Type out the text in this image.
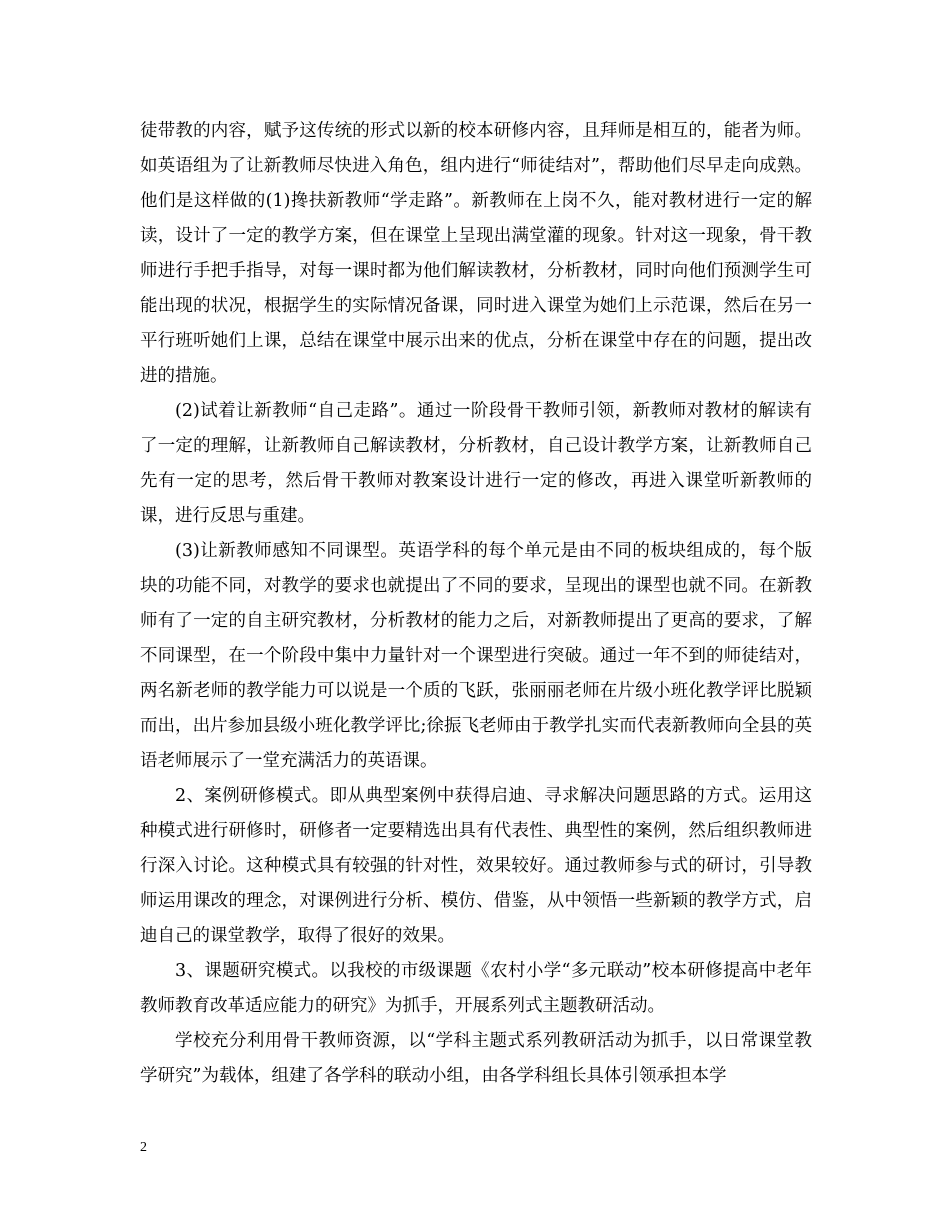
徒带教的内容，赋予这传统的形式以新的校本研修内容，且拜师是相互的，能者为师。如英语组为了让新教师尽快进入角色，组内进行“师徒结对”，帮助他们尽早走向成熟。他们是这样做的(1)搀扶新教师“学走路”。新教师在上岗不久，能对教材进行一定的解读，设计了一定的教学方案，但在课堂上呈现出满堂灌的现象。针对这一现象，骨干教师进行手把手指导，对每一课时都为他们解读教材，分析教材，同时向他们预测学生可能出现的状况，根据学生的实际情况备课，同时进入课堂为她们上示范课，然后在另一平行班听她们上课，总结在课堂中展示出来的优点，分析在课堂中存在的问题，提出改进的措施。

(2)试着让新教师“自己走路”。通过一阶段骨干教师引领，新教师对教材的解读有了一定的理解，让新教师自己解读教材，分析教材，自己设计教学方案，让新教师自己先有一定的思考，然后骨干教师对教案设计进行一定的修改，再进入课堂听新教师的课，进行反思与重建。

(3)让新教师感知不同课型。英语学科的每个单元是由不同的板块组成的，每个版块的功能不同，对教学的要求也就提出了不同的要求，呈现出的课型也就不同。在新教师有了一定的自主研究教材，分析教材的能力之后，对新教师提出了更高的要求，了解不同课型，在一个阶段中集中力量针对一个课型进行突破。通过一年不到的师徒结对，两名新老师的教学能力可以说是一个质的飞跃，张丽丽老师在片级小班化教学评比脱颖而出，出片参加县级小班化教学评比;徐振飞老师由于教学扎实而代表新教师向全县的英语老师展示了一堂充满活力的英语课。

2、案例研修模式。即从典型案例中获得启迪、寻求解决问题思路的方式。运用这种模式进行研修时，研修者一定要精选出具有代表性、典型性的案例，然后组织教师进行深入讨论。这种模式具有较强的针对性，效果较好。通过教师参与式的研讨，引导教师运用课改的理念，对课例进行分析、模仿、借鉴，从中领悟一些新颖的教学方式，启迪自己的课堂教学，取得了很好的效果。

3、课题研究模式。以我校的市级课题《农村小学“多元联动”校本研修提高中老年教师教育改革适应能力的研究》为抓手，开展系列式主题教研活动。

学校充分利用骨干教师资源，以“学科主题式系列教研活动为抓手，以日常课堂教学研究”为载体，组建了各学科的联动小组，由各学科组长具体引领承担本学

2
